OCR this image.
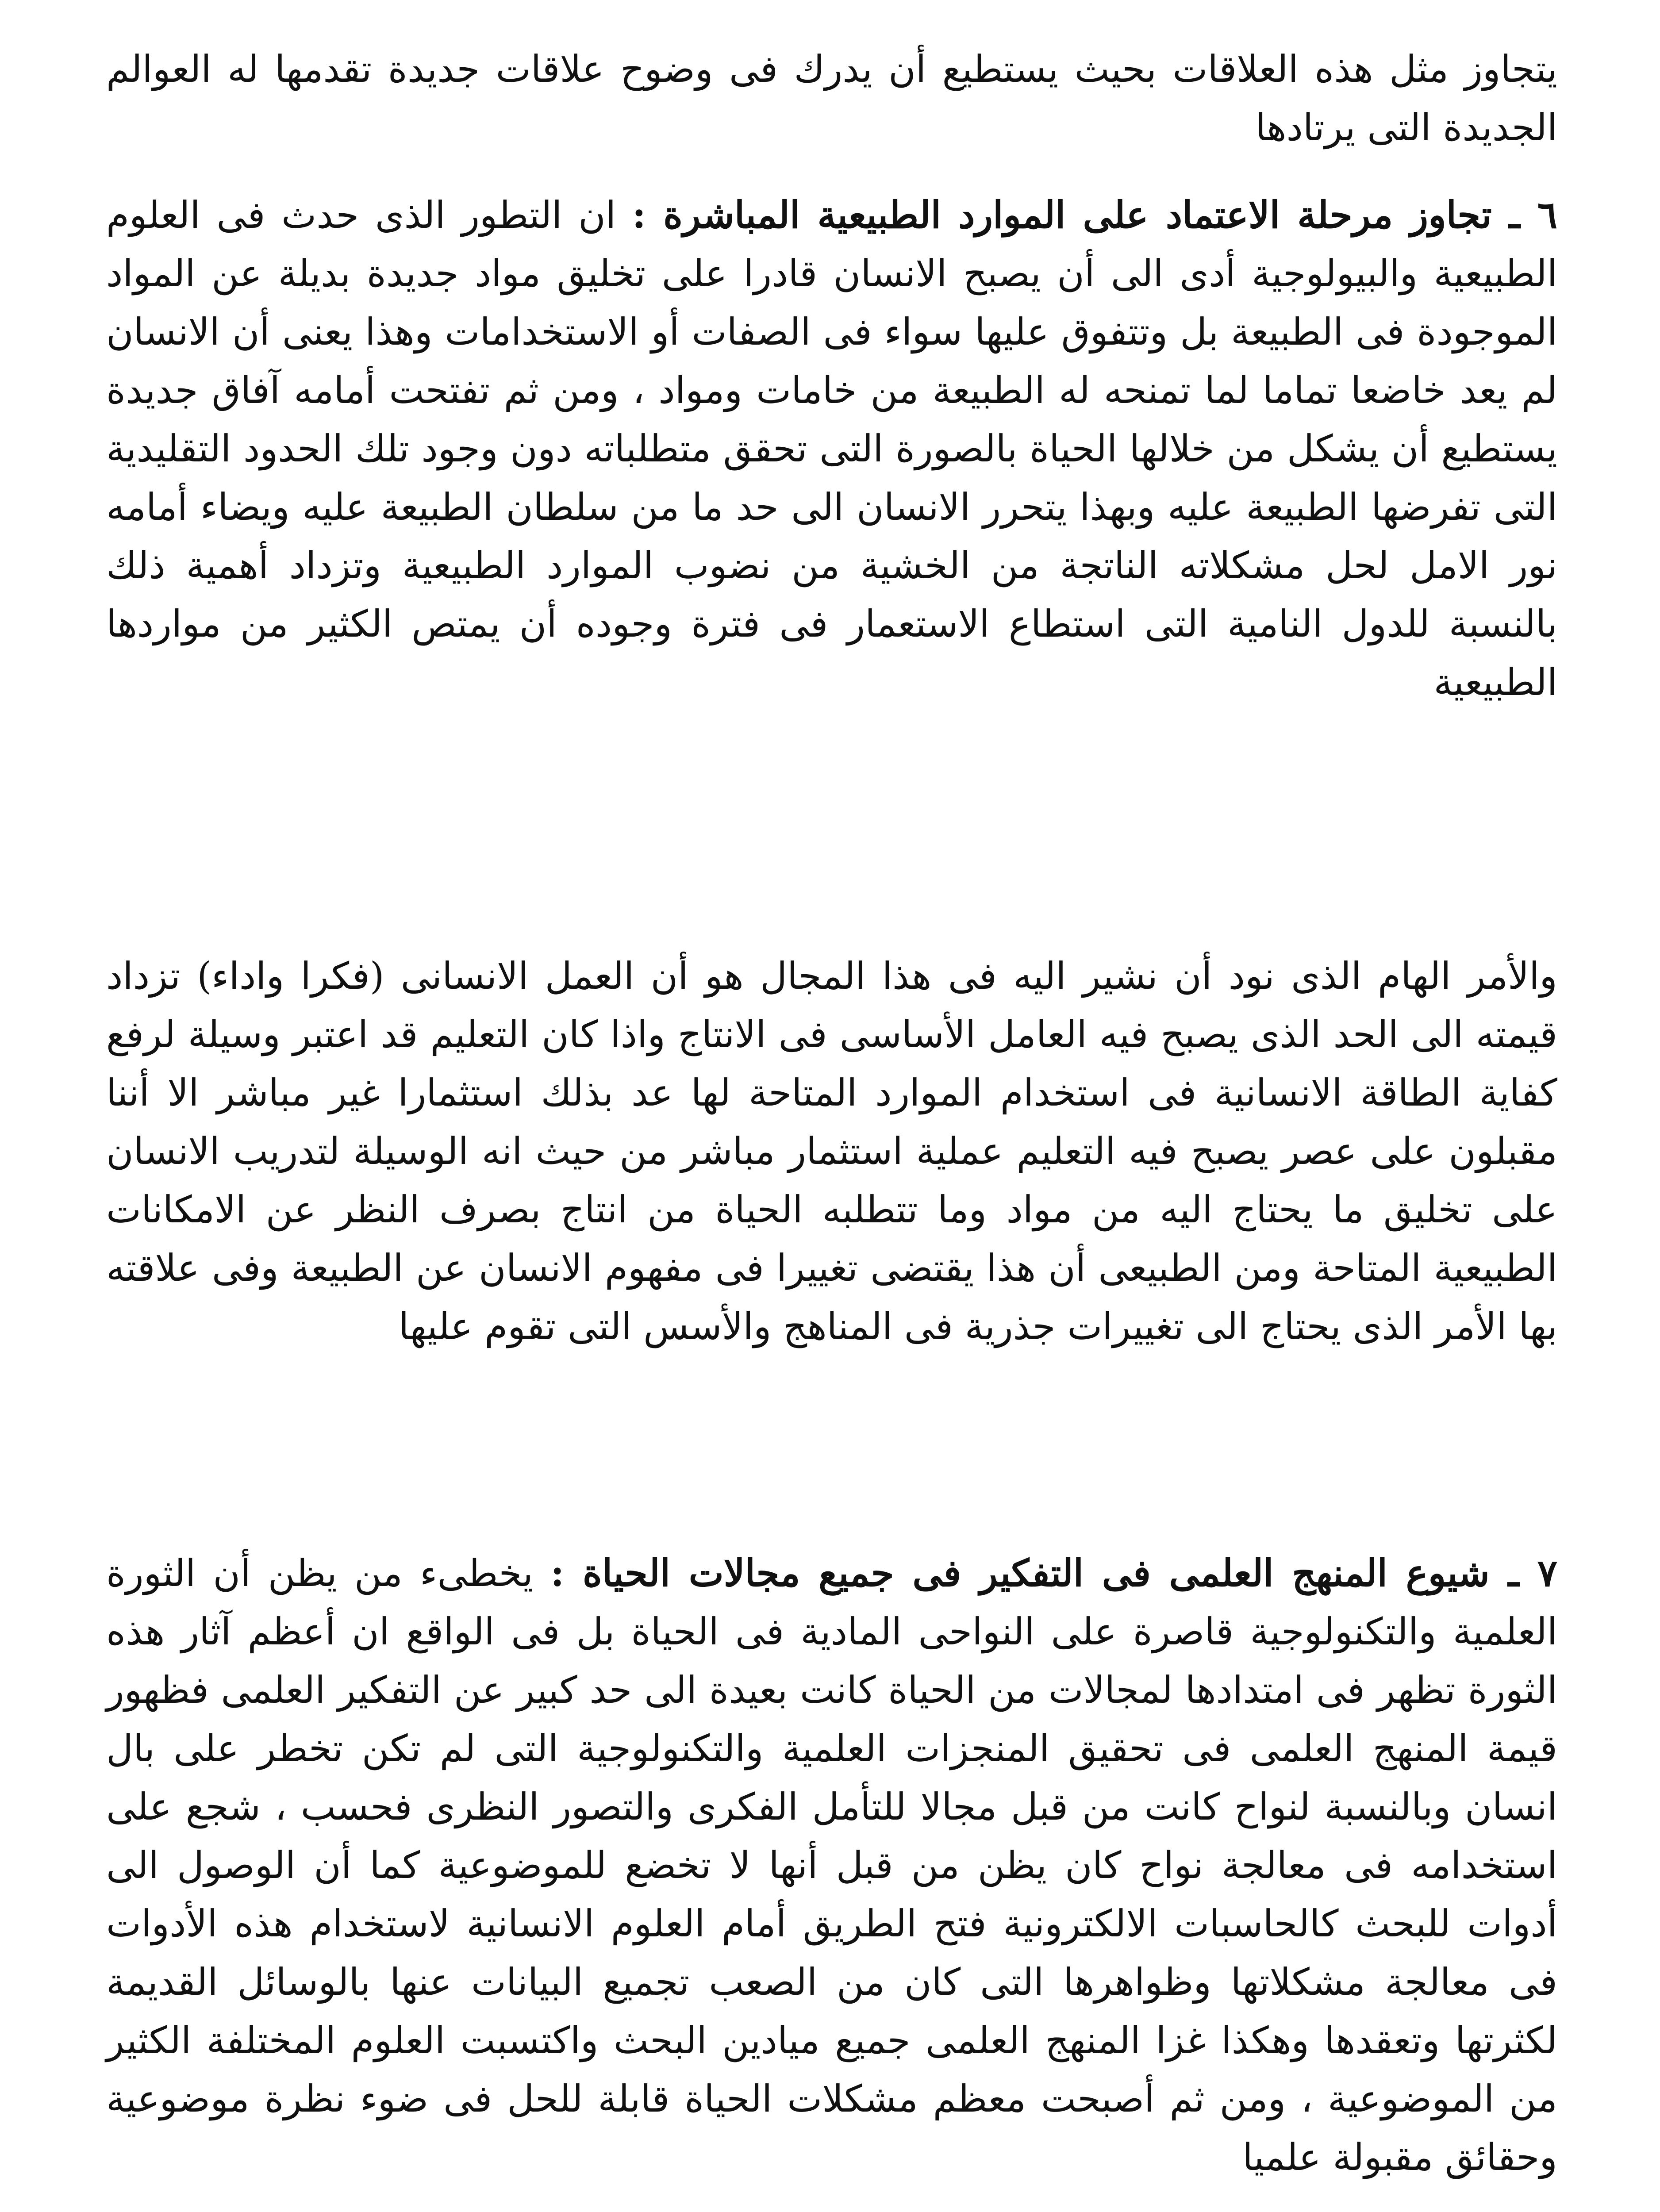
يتجاوز مثل هذه العلاقات بحيث يستطيع أن يدرك فى وضوح علاقات جديدة تقدمها له العوالم الجديدة التى يرتادها

٦ ـ تجاوز مرحلة الاعتماد على الموارد الطبيعية المباشرة : ان التطور الذى حدث فى العلوم الطبيعية والبيولوجية أدى الى أن يصبح الانسان قادرا على تخليق مواد جديدة بديلة عن المواد الموجودة فى الطبيعة بل وتتفوق عليها سواء فى الصفات أو الاستخدامات وهذا يعنى أن الانسان لم يعد خاضعا تماما لما تمنحه له الطبيعة من خامات ومواد ، ومن ثم تفتحت أمامه آفاق جديدة يستطيع أن يشكل من خلالها الحياة بالصورة التى تحقق متطلباته دون وجود تلك الحدود التقليدية التى تفرضها الطبيعة عليه وبهذا يتحرر الانسان الى حد ما من سلطان الطبيعة عليه ويضاء أمامه نور الامل لحل مشكلاته الناتجة من الخشية من نضوب الموارد الطبيعية وتزداد أهمية ذلك بالنسبة للدول النامية التى استطاع الاستعمار فى فترة وجوده أن يمتص الكثير من مواردها الطبيعية

والأمر الهام الذى نود أن نشير اليه فى هذا المجال هو أن العمل الانسانى (فكرا واداء) تزداد قيمته الى الحد الذى يصبح فيه العامل الأساسى فى الانتاج واذا كان التعليم قد اعتبر وسيلة لرفع كفاية الطاقة الانسانية فى استخدام الموارد المتاحة لها عد بذلك استثمارا غير مباشر الا أننا مقبلون على عصر يصبح فيه التعليم عملية استثمار مباشر من حيث انه الوسيلة لتدريب الانسان على تخليق ما يحتاج اليه من مواد وما تتطلبه الحياة من انتاج بصرف النظر عن الامكانات الطبيعية المتاحة ومن الطبيعى أن هذا يقتضى تغييرا فى مفهوم الانسان عن الطبيعة وفى علاقته بها الأمر الذى يحتاج الى تغييرات جذرية فى المناهج والأسس التى تقوم عليها

٧ ـ شيوع المنهج العلمى فى التفكير فى جميع مجالات الحياة : يخطىء من يظن أن الثورة العلمية والتكنولوجية قاصرة على النواحى المادية فى الحياة بل فى الواقع ان أعظم آثار هذه الثورة تظهر فى امتدادها لمجالات من الحياة كانت بعيدة الى حد كبير عن التفكير العلمى فظهور قيمة المنهج العلمى فى تحقيق المنجزات العلمية والتكنولوجية التى لم تكن تخطر على بال انسان وبالنسبة لنواح كانت من قبل مجالا للتأمل الفكرى والتصور النظرى فحسب ، شجع على استخدامه فى معالجة نواح كان يظن من قبل أنها لا تخضع للموضوعية كما أن الوصول الى أدوات للبحث كالحاسبات الالكترونية فتح الطريق أمام العلوم الانسانية لاستخدام هذه الأدوات فى معالجة مشكلاتها وظواهرها التى كان من الصعب تجميع البيانات عنها بالوسائل القديمة لكثرتها وتعقدها وهكذا غزا المنهج العلمى جميع ميادين البحث واكتسبت العلوم المختلفة الكثير من الموضوعية ، ومن ثم أصبحت معظم مشكلات الحياة قابلة للحل فى ضوء نظرة موضوعية وحقائق مقبولة علميا
